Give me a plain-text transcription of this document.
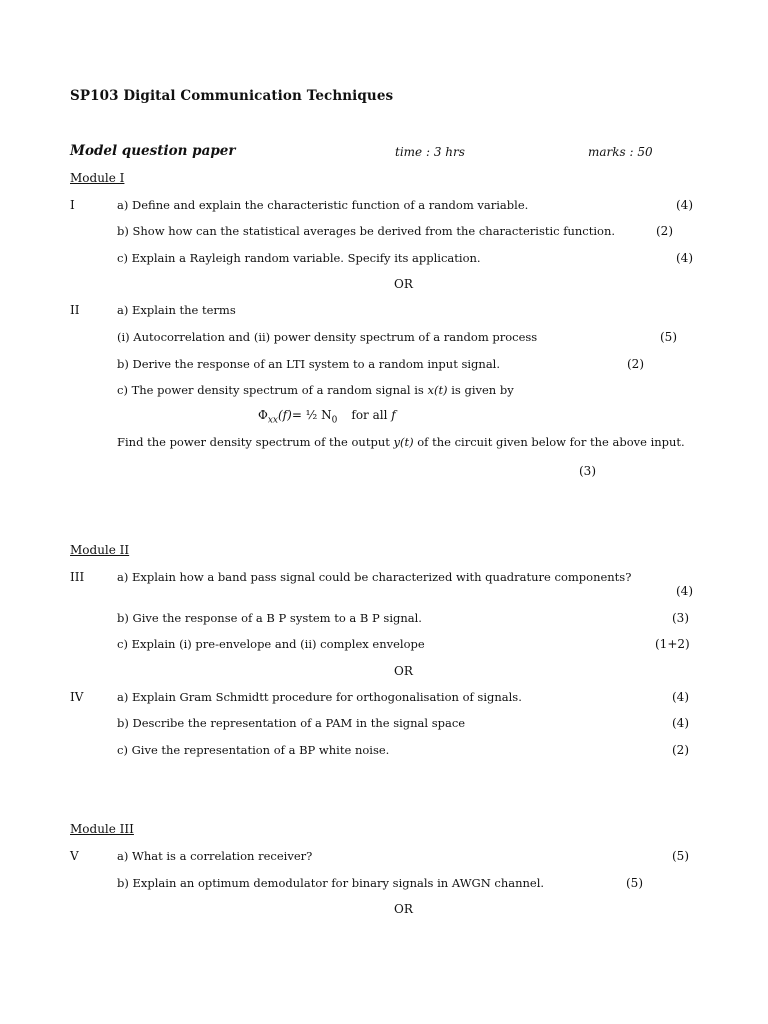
SP103 Digital Communication Techniques
Model question paper	time : 3 hrs	marks : 50
Module I
I	a) Define and explain the characteristic function of a random variable.	(4)
b) Show how can the statistical averages be derived from the characteristic function.	(2)
c) Explain a Rayleigh random variable. Specify its application.	(4)
OR
II	a) Explain the terms
(i) Autocorrelation and (ii) power density spectrum of a random process	(5)
b) Derive the response of an LTI system to a random input signal.	(2)
c) The power density spectrum of a random signal is x(t) is given by
$\Phi_{xx}(f)=$ ½ $N_0$ for all f
Find the power density spectrum of the output y(t) of the circuit given below for the above input.
(3)
Module II
III	a) Explain how a band pass signal could be characterized with quadrature components?
(4)
b) Give the response of a B P system to a B P signal.	(3)
c) Explain (i) pre-envelope and (ii) complex envelope	(1+2)
OR
IV	a) Explain Gram Schmidtt procedure for orthogonalisation of signals.	(4)
b) Describe the representation of a PAM in the signal space	(4)
c) Give the representation of a BP white noise.	(2)
Module III
V	a) What is a correlation receiver?	(5)
b) Explain an optimum demodulator for binary signals in AWGN channel.	(5)
OR
